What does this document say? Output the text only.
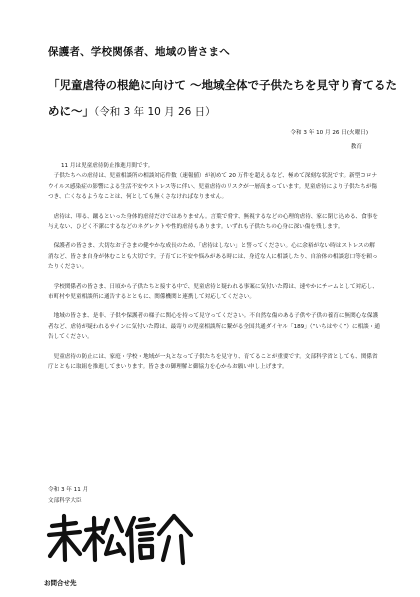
保護者、学校関係者、地域の皆さまへ
「児童虐待の根絶に向けて ～地域全体で子供たちを見守り育てるために～」（令和 3 年 10 月 26 日）
令和 3 年 10 月 26 日(火曜日)
教育

11 月は児童虐待防止推進月間です。

子供たちへの虐待は、児童相談所の相談対応件数（速報値）が初めて 20 万件を超えるなど、極めて深刻な状況です。新型コロナウイルス感染症の影響による生活不安やストレス等に伴い、児童虐待のリスクが一層高まっています。児童虐待により子供たちが傷つき、亡くなるようなことは、何としても無くさなければなりません。

虐待は、叩る、蹴るといった身体的虐待だけではありません。言葉で脅す、無視するなどの心理的虐待、家に閉じ込める、食事を与えない、ひどく不潔にするなどのネグレクトや性的虐待もあります。いずれも子供たちの心身に深い傷を残します。

保護者の皆さま、大切なお子さまの健やかな成長のため、「虐待はしない」と誓ってください。心に余裕がない時はストレスの解消など、皆さま自身が休むことも大切です。子育てに不安や悩みがある時には、身近な人に相談したり、自治体の相談窓口等を頼ったりください。

学校関係者の皆さま、日頃から子供たちと接する中で、児童虐待と疑われる事案に気付いた際は、速やかにチームとして対応し、市町村や児童相談所に通告するとともに、関係機関と連携して対応してください。

地域の皆さま、是非、子供や保護者の様子に関心を持って見守ってください。不自然な傷のある子供や子供の養育に無関心な保護者など、虐待が疑われるサインに気付いた際は、最寄りの児童相談所に繋がる全国共通ダイヤル「189」（“いちはやく”）に相談・通告してください。

児童虐待の防止には、家庭・学校・地域が一丸となって子供たちを見守り、育てることが重要です。文部科学省としても、関係省庁とともに取組を推進してまいります。皆さまの御理解と御協力を心からお願い申し上げます。

令和 3 年 11 月
文部科学大臣
お問合せ先
